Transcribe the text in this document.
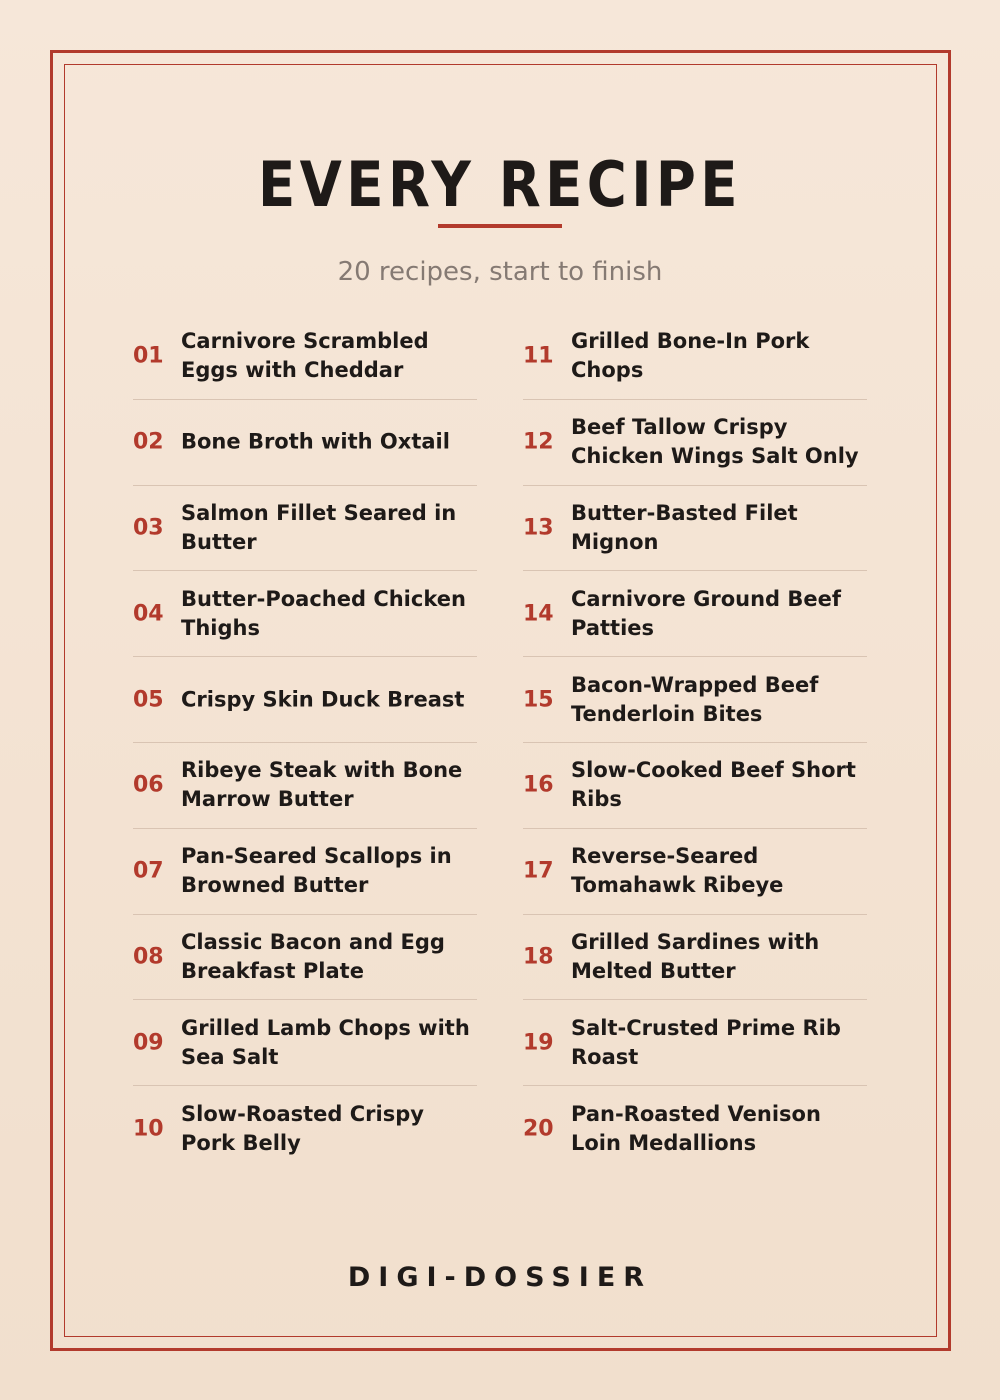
EVERY RECIPE
20 recipes, start to finish
01
Carnivore Scrambled Eggs with Cheddar
02 Bone Broth with Oxtail
03
Salmon Fillet Seared in Butter
04
Butter-Poached Chicken Thighs
05 Crispy Skin Duck Breast
06
Ribeye Steak with Bone Marrow Butter
07
Pan-Seared Scallops in Browned Butter
08
Classic Bacon and Egg Breakfast Plate
09
Grilled Lamb Chops with Sea Salt
10
Slow-Roasted Crispy Pork Belly
11
Grilled Bone-In Pork Chops
12
Beef Tallow Crispy Chicken Wings Salt Only
13
Butter-Basted Filet Mignon
14
Carnivore Ground Beef Patties
15
Bacon-Wrapped Beef Tenderloin Bites
16
Slow-Cooked Beef Short Ribs
17
Reverse-Seared Tomahawk Ribeye
18
Grilled Sardines with Melted Butter
19
Salt-Crusted Prime Rib Roast
20
Pan-Roasted Venison Loin Medallions
DIGI-DOSSIER
